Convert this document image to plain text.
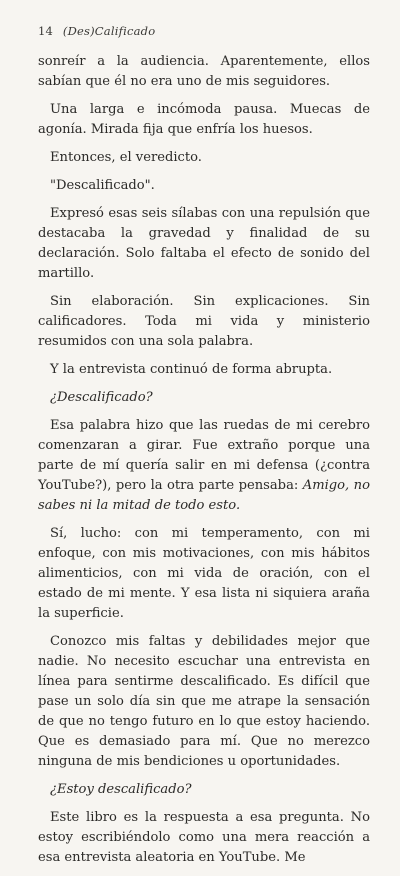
14 (Des)Calificado

sonreír a la audiencia. Aparentemente, ellos sabían que él no era uno de mis seguidores.

Una larga e incómoda pausa. Muecas de agonía. Mirada fija que enfría los huesos.

Entonces, el veredicto.

"Descalificado".

Expresó esas seis sílabas con una repulsión que destacaba la gravedad y finalidad de su declaración. Solo faltaba el efecto de sonido del martillo.

Sin elaboración. Sin explicaciones. Sin calificadores. Toda mi vida y ministerio resumidos con una sola palabra.

Y la entrevista continuó de forma abrupta.

¿Descalificado?

Esa palabra hizo que las ruedas de mi cerebro comenzaran a girar. Fue extraño porque una parte de mí quería salir en mi defensa (¿contra YouTube?), pero la otra parte pensaba: Amigo, no sabes ni la mitad de todo esto.

Sí, lucho: con mi temperamento, con mi enfoque, con mis motivaciones, con mis hábitos alimenticios, con mi vida de oración, con el estado de mi mente. Y esa lista ni siquiera araña la superficie.

Conozco mis faltas y debilidades mejor que nadie. No necesito escuchar una entrevista en línea para sentirme descalificado. Es difícil que pase un solo día sin que me atrape la sensación de que no tengo futuro en lo que estoy haciendo. Que es demasiado para mí. Que no merezco ninguna de mis bendiciones u oportunidades.

¿Estoy descalificado?

Este libro es la respuesta a esa pregunta. No estoy escribiéndolo como una mera reacción a esa entrevista aleatoria en YouTube. Me
